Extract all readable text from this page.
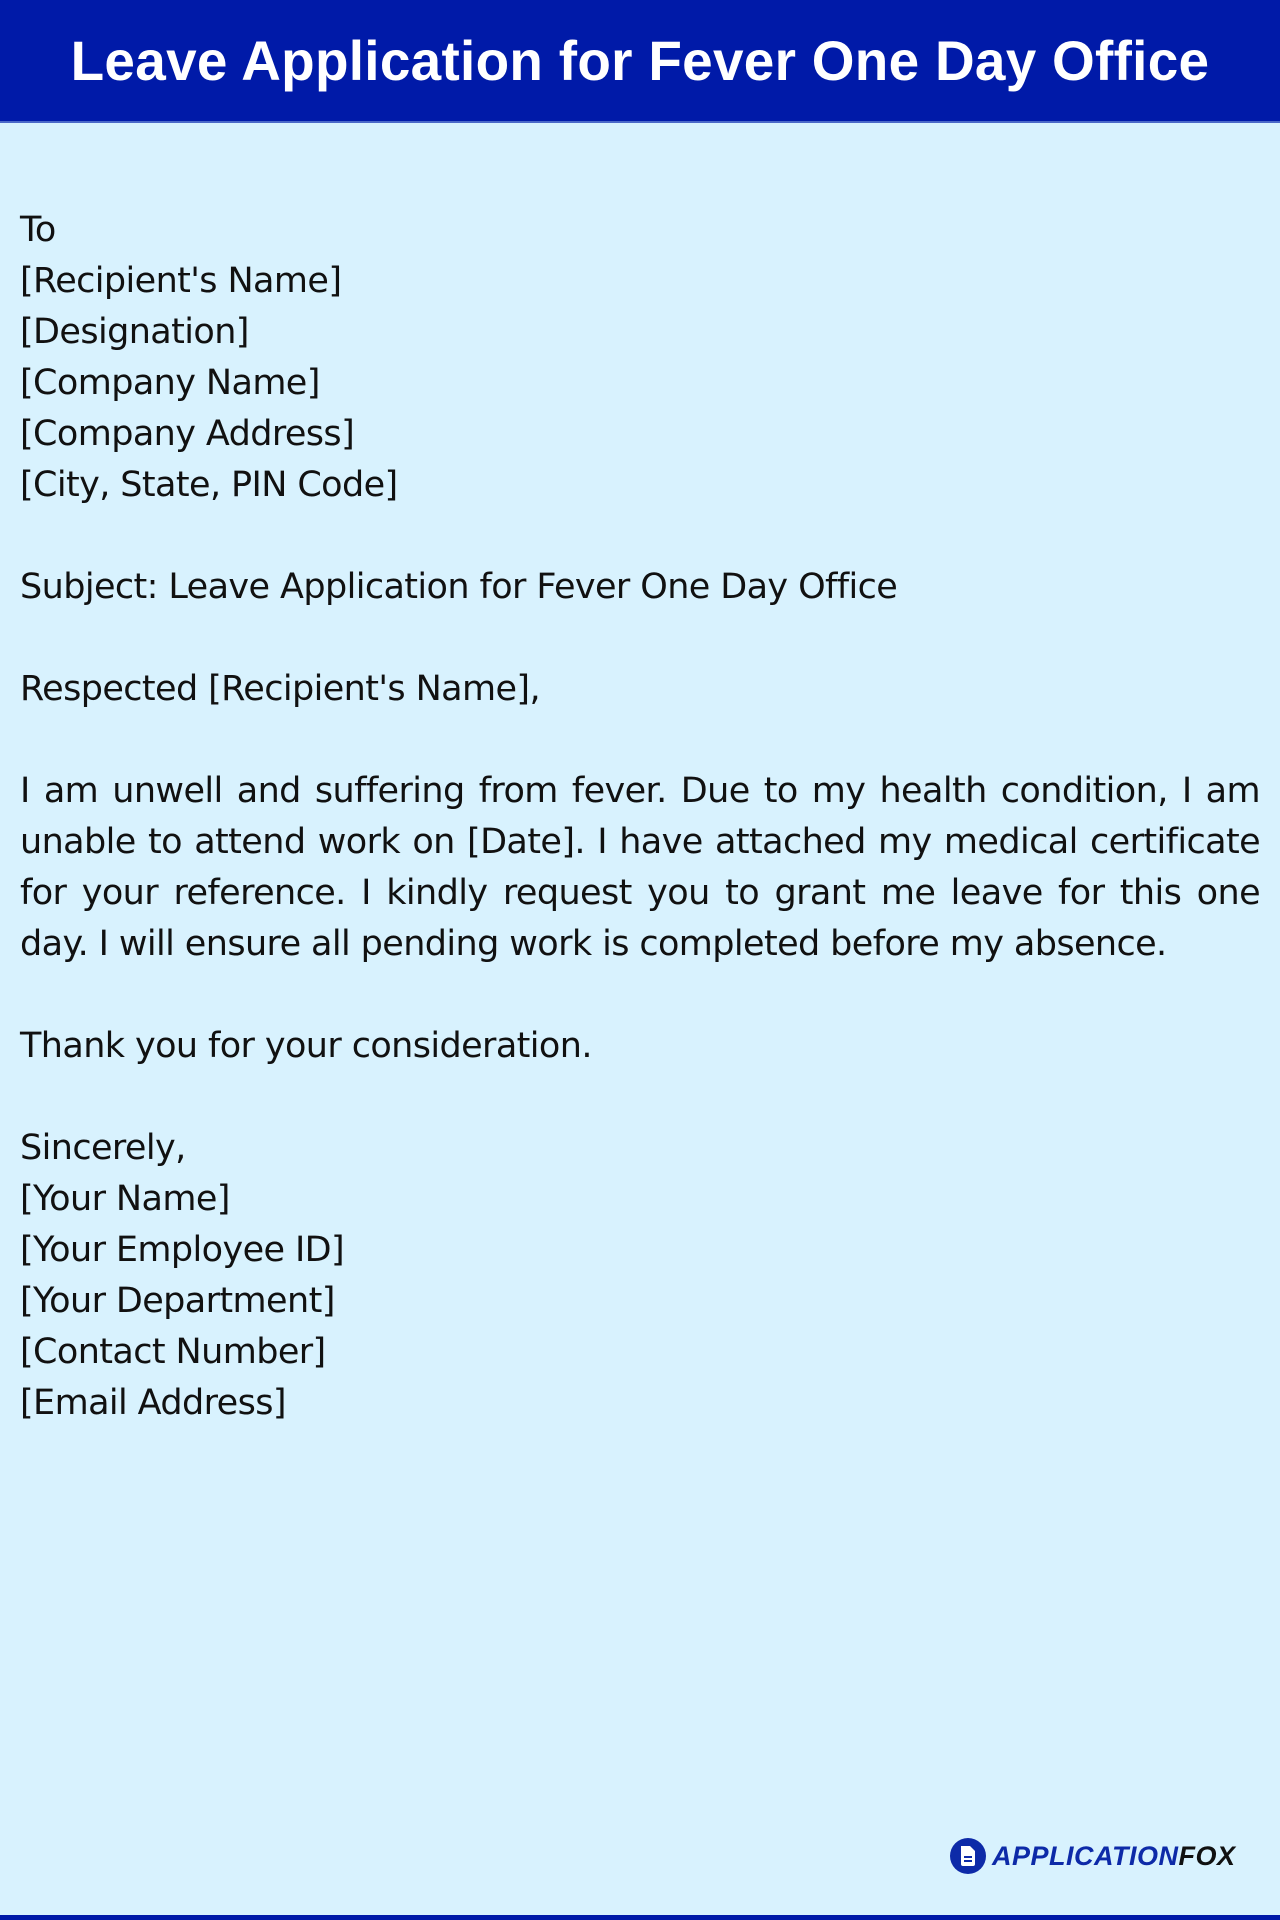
Leave Application for Fever One Day Office
To
[Recipient's Name]
[Designation]
[Company Name]
[Company Address]
[City, State, PIN Code]
Subject: Leave Application for Fever One Day Office
Respected [Recipient's Name],
I am unwell and suffering from fever. Due to my health condition, I am unable to attend work on [Date]. I have attached my medical certificate for your reference. I kindly request you to grant me leave for this one day. I will ensure all pending work is completed before my absence.
Thank you for your consideration.
Sincerely,
[Your Name]
[Your Employee ID]
[Your Department]
[Contact Number]
[Email Address]
APPLICATIONFOX
